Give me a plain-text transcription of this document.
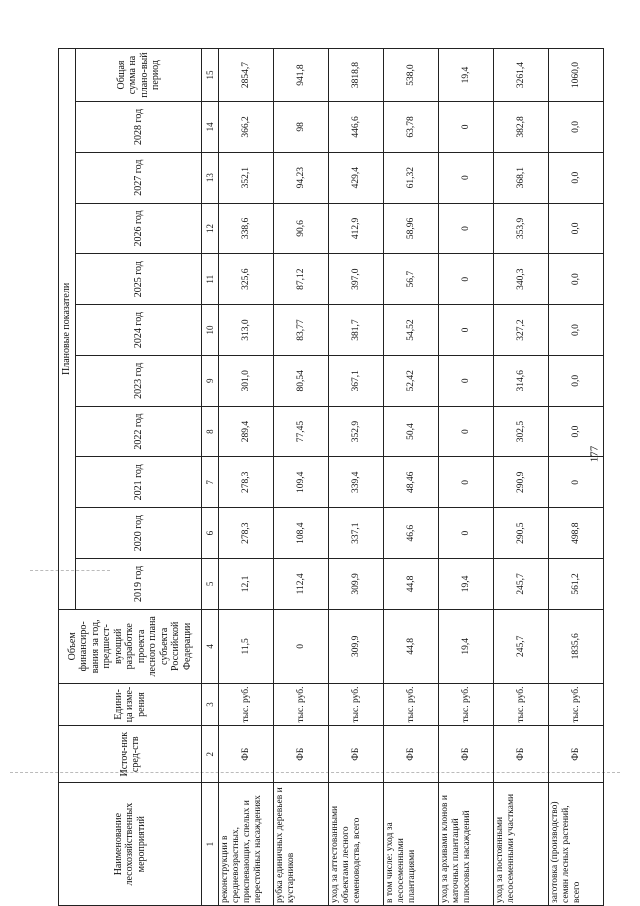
Наименование лесохозяйственных мероприятий	Источ-ник сред-ств	Едини-ца изме-рения	Объем финансиро-вания за год, предшест-вующий разработке проекта лесного плана субъекта Российской Федерации	Плановые показатели										
				2019 год	2020 год	2021 год	2022 год	2023 год	2024 год	2025 год	2026 год	2027 год	2028 год	Общая сумма на плано-вый период
1	2	3	4	5	6	7	8	9	10	11	12	13	14	15
реконструкции в средневозрастных, приспевающих, спелых и перестойных насаждениях	ФБ	тыс. руб.	11,5	12,1	278,3	278,3	289,4	301,0	313,0	325,6	338,6	352,1	366,2	2854,7
рубка единичных деревьев и кустарников	ФБ	тыс. руб.	0	112,4	108,4	109,4	77,45	80,54	83,77	87,12	90,6	94,23	98	941,8
уход за аттестованными объектами лесного семеноводства, всего	ФБ	тыс. руб.	309,9	309,9	337,1	339,4	352,9	367,1	381,7	397,0	412,9	429,4	446,6	3818,8
в том числе: уход за лесосеменными плантациями	ФБ	тыс. руб.	44,8	44,8	46,6	48,46	50,4	52,42	54,52	56,7	58,96	61,32	63,78	538,0
уход за архивами клонов и маточных плантаций плюсовых насаждений	ФБ	тыс. руб.	19,4	19,4	0	0	0	0	0	0	0	0	0	19,4
уход за постоянными лесосеменными участками	ФБ	тыс. руб.	245,7	245,7	290,5	290,9	302,5	314,6	327,2	340,3	353,9	368,1	382,8	3261,4
заготовка (производство) семян лесных растений, всего	ФБ	тыс. руб.	1835,6	561,2	498,8	0	0,0	0,0	0,0	0,0	0,0	0,0	0,0	1060,0
177
